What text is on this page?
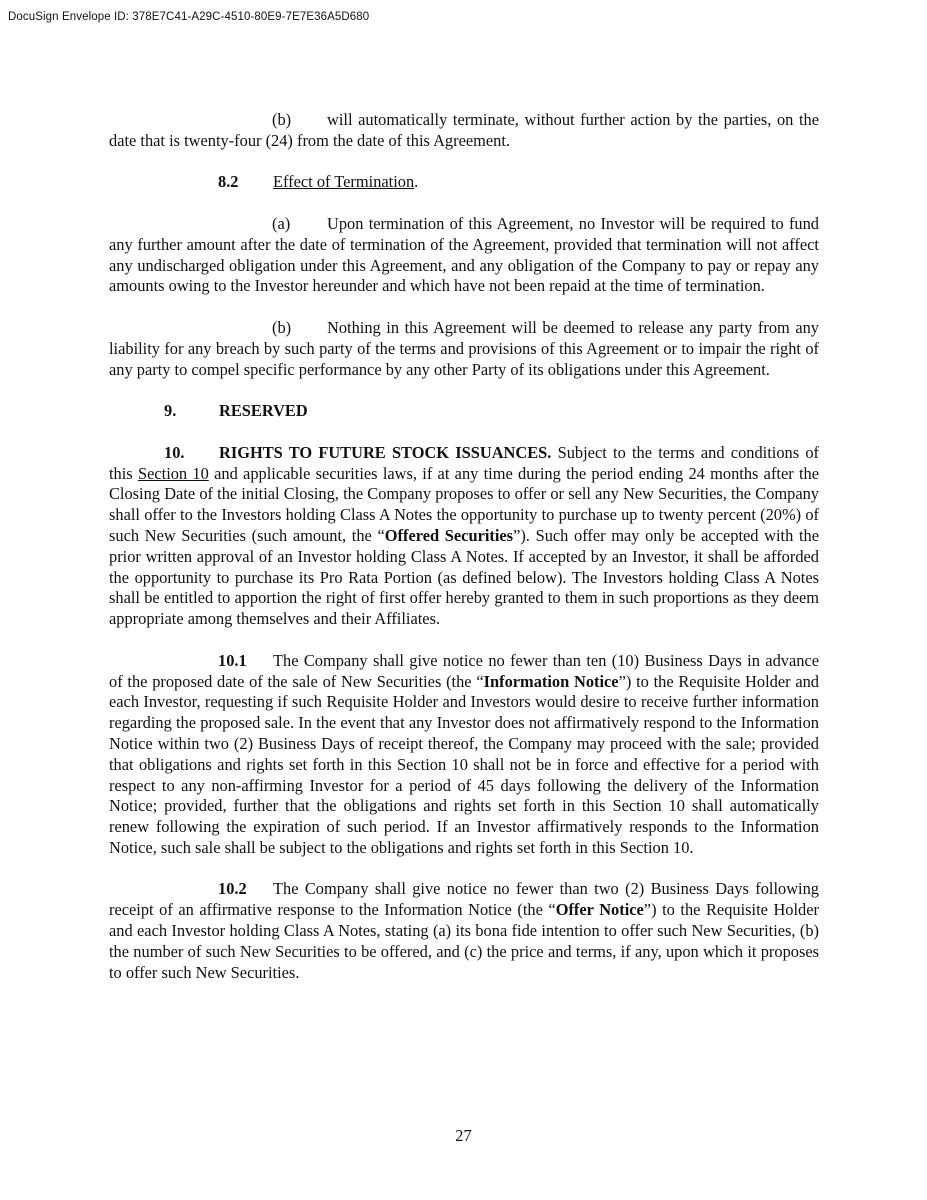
DocuSign Envelope ID: 378E7C41-A29C-4510-80E9-7E7E36A5D680

(b) will automatically terminate, without further action by the parties, on the date that is twenty-four (24) from the date of this Agreement.

8.2 Effect of Termination.

(a) Upon termination of this Agreement, no Investor will be required to fund any further amount after the date of termination of the Agreement, provided that termination will not affect any undischarged obligation under this Agreement, and any obligation of the Company to pay or repay any amounts owing to the Investor hereunder and which have not been repaid at the time of termination.

(b) Nothing in this Agreement will be deemed to release any party from any liability for any breach by such party of the terms and provisions of this Agreement or to impair the right of any party to compel specific performance by any other Party of its obligations under this Agreement.

9.	RESERVED

10. RIGHTS TO FUTURE STOCK ISSUANCES. Subject to the terms and conditions of this Section 10 and applicable securities laws, if at any time during the period ending 24 months after the Closing Date of the initial Closing, the Company proposes to offer or sell any New Securities, the Company shall offer to the Investors holding Class A Notes the opportunity to purchase up to twenty percent (20%) of such New Securities (such amount, the “Offered Securities”). Such offer may only be accepted with the prior written approval of an Investor holding Class A Notes. If accepted by an Investor, it shall be afforded the opportunity to purchase its Pro Rata Portion (as defined below). The Investors holding Class A Notes shall be entitled to apportion the right of first offer hereby granted to them in such proportions as they deem appropriate among themselves and their Affiliates.

10.1 The Company shall give notice no fewer than ten (10) Business Days in advance of the proposed date of the sale of New Securities (the “Information Notice”) to the Requisite Holder and each Investor, requesting if such Requisite Holder and Investors would desire to receive further information regarding the proposed sale. In the event that any Investor does not affirmatively respond to the Information Notice within two (2) Business Days of receipt thereof, the Company may proceed with the sale; provided that obligations and rights set forth in this Section 10 shall not be in force and effective for a period with respect to any non-affirming Investor for a period of 45 days following the delivery of the Information Notice; provided, further that the obligations and rights set forth in this Section 10 shall automatically renew following the expiration of such period. If an Investor affirmatively responds to the Information Notice, such sale shall be subject to the obligations and rights set forth in this Section 10.

10.2 The Company shall give notice no fewer than two (2) Business Days following receipt of an affirmative response to the Information Notice (the “Offer Notice”) to the Requisite Holder and each Investor holding Class A Notes, stating (a) its bona fide intention to offer such New Securities, (b) the number of such New Securities to be offered, and (c) the price and terms, if any, upon which it proposes to offer such New Securities.

27
